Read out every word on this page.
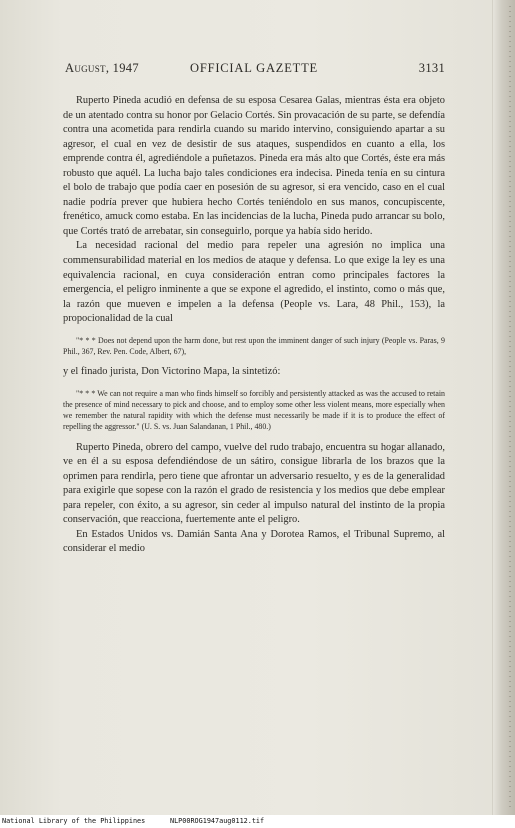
August, 1947	OFFICIAL GAZETTE	3131

Ruperto Pineda acudió en defensa de su esposa Cesarea Galas, mientras ésta era objeto de un atentado contra su honor por Gelacio Cortés. Sin provacación de su parte, se defendía contra una acometida para rendirla cuando su marido intervino, consiguiendo apartar a su agresor, el cual en vez de desistir de sus ataques, suspendidos en cuanto a ella, los emprende contra él, agrediéndole a puñetazos. Pineda era más alto que Cortés, éste era más robusto que aquél. La lucha bajo tales condiciones era indecisa. Pineda tenía en su cintura el bolo de trabajo que podía caer en posesión de su agresor, si era vencido, caso en el cual nadie podría prever que hubiera hecho Cortés teniéndolo en sus manos, concupiscente, frenético, amuck como estaba. En las incidencias de la lucha, Pineda pudo arrancar su bolo, que Cortés trató de arrebatar, sin conseguirlo, porque ya había sido herido.

La necesidad racional del medio para repeler una agresión no implica una commensurabilidad material en los medios de ataque y defensa. Lo que exige la ley es una equivalencia racional, en cuya consideración entran como principales factores la emergencia, el peligro inminente a que se expone el agredido, el instinto, como o más que, la razón que mueven e impelen a la defensa (People vs. Lara, 48 Phil., 153), la propocionalidad de la cual

"* * * Does not depend upon the harm done, but rest upon the imminent danger of such injury (People vs. Paras, 9 Phil., 367, Rev. Pen. Code, Albert, 67),

y el finado jurista, Don Victorino Mapa, la sintetizó:

"* * * We can not require a man who finds himself so forcibly and persistently attacked as was the accused to retain the presence of mind necessary to pick and choose, and to employ some other less violent means, more especially when we remember the natural rapidity with which the defense must necessarily be made if it is to produce the effect of repelling the aggressor." (U. S. vs. Juan Salandanan, 1 Phil., 480.)

Ruperto Pineda, obrero del campo, vuelve del rudo trabajo, encuentra su hogar allanado, ve en él a su esposa defendiéndose de un sátiro, consigue librarla de los brazos que la oprimen para rendirla, pero tiene que afrontar un adversario resuelto, y es de la generalidad para exigirle que sopese con la razón el grado de resistencia y los medios que debe emplear para repeler, con éxito, a su agresor, sin ceder al impulso natural del instinto de la propia conservación, que reacciona, fuertemente ante el peligro.

En Estados Unidos vs. Damián Santa Ana y Dorotea Ramos, el Tribunal Supremo, al considerar el medio

National Library of the Philippines	NLP00ROG1947aug0112.tif
